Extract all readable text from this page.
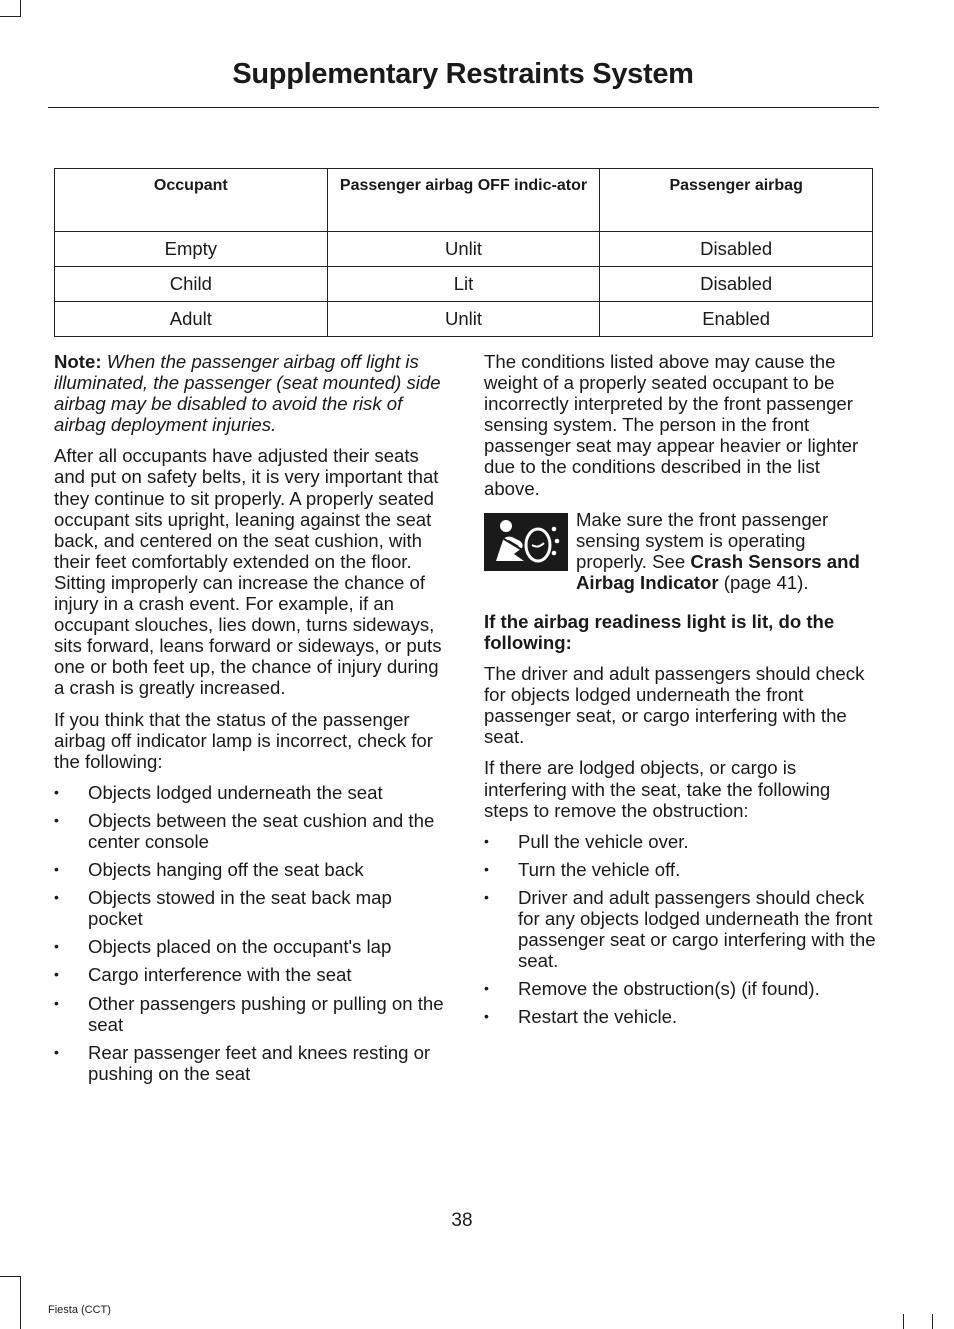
Supplementary Restraints System
Occupant	Passenger airbag OFF indic-ator	Passenger airbag
Empty	Unlit	Disabled
Child	Lit	Disabled
Adult	Unlit	Enabled

Note: When the passenger airbag off light is illuminated, the passenger (seat mounted) side airbag may be disabled to avoid the risk of airbag deployment injuries.

After all occupants have adjusted their seats and put on safety belts, it is very important that they continue to sit properly. A properly seated occupant sits upright, leaning against the seat back, and centered on the seat cushion, with their feet comfortably extended on the floor. Sitting improperly can increase the chance of injury in a crash event. For example, if an occupant slouches, lies down, turns sideways, sits forward, leans forward or sideways, or puts one or both feet up, the chance of injury during a crash is greatly increased.

If you think that the status of the passenger airbag off indicator lamp is incorrect, check for the following:

• Objects lodged underneath the seat
• Objects between the seat cushion and the center console
• Objects hanging off the seat back
• Objects stowed in the seat back map pocket
• Objects placed on the occupant's lap
• Cargo interference with the seat
• Other passengers pushing or pulling on the seat
• Rear passenger feet and knees resting or pushing on the seat

The conditions listed above may cause the weight of a properly seated occupant to be incorrectly interpreted by the front passenger sensing system. The person in the front passenger seat may appear heavier or lighter due to the conditions described in the list above.

Make sure the front passenger sensing system is operating properly. See Crash Sensors and Airbag Indicator (page 41).
If the airbag readiness light is lit, do the following:

The driver and adult passengers should check for objects lodged underneath the front passenger seat, or cargo interfering with the seat.

If there are lodged objects, or cargo is interfering with the seat, take the following steps to remove the obstruction:

• Pull the vehicle over.
• Turn the vehicle off.
• Driver and adult passengers should check for any objects lodged underneath the front passenger seat or cargo interfering with the seat.
• Remove the obstruction(s) (if found).
• Restart the vehicle.
38
Fiesta (CCT)
